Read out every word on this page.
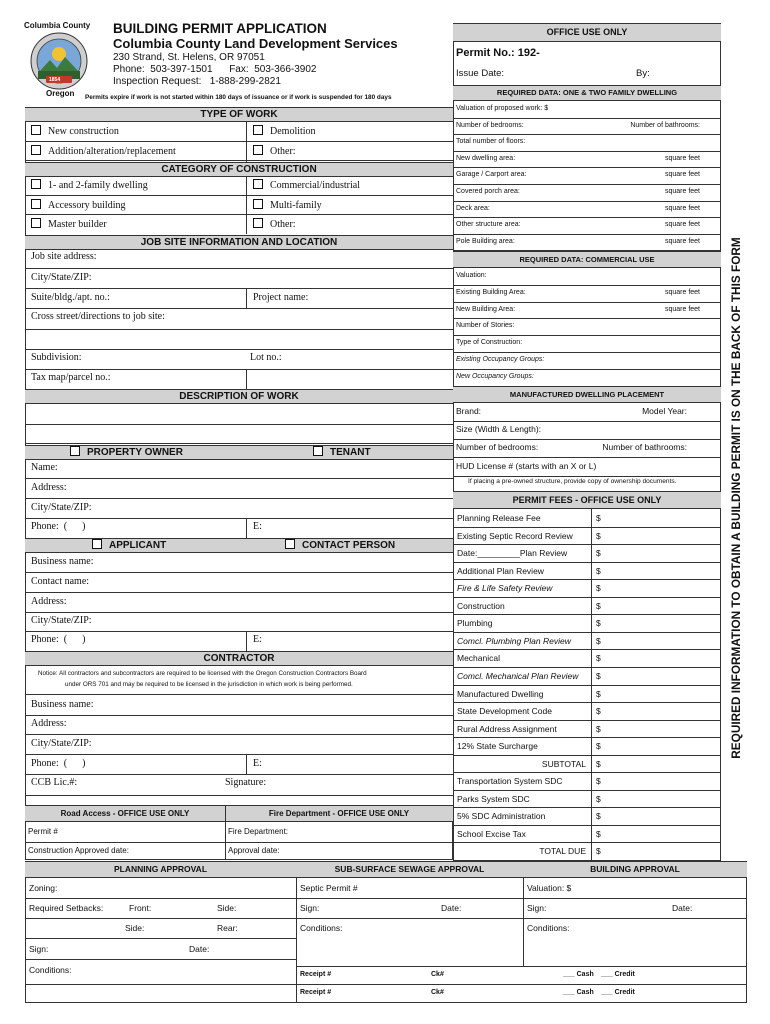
Columbia County
1854
Oregon
BUILDING PERMIT APPLICATION
Columbia County Land Development Services
230 Strand, St. Helens, OR 97051
Phone:  503-397-1501      Fax:  503-366-3902
Inspection Request:   1-888-299-2821
Permits expire if work is not started within 180 days of issuance or if work is suspended for 180 days
TYPE OF WORK
New construction	Demolition
Addition/alteration/replacement	Other:
CATEGORY OF CONSTRUCTION
1- and 2-family dwelling	Commercial/industrial
Accessory building	Multi-family
Master builder	Other:
JOB SITE INFORMATION AND LOCATION
Job site address:
City/State/ZIP:
Suite/bldg./apt. no.:	Project name:
Cross street/directions to job site:
Subdivision:	Lot no.:
Tax map/parcel no.:
DESCRIPTION OF WORK
PROPERTY OWNER	TENANT
Name:
Address:
City/State/ZIP:
Phone:  (      )	E:
APPLICANT	CONTACT PERSON
Business name:
Contact name:
Address:
City/State/ZIP:
Phone:  (      )	E:
CONTRACTOR
Notice: All contractors and subcontractors are required to be licensed with the Oregon Construction Contractors Board
under ORS 701 and may be required to be licensed in the jurisdiction in which work is being performed.
Business name:
Address:
City/State/ZIP:
Phone:  (      )	E:
CCB Lic.#:	Signature:
Road Access - OFFICE USE ONLY	Fire Department - OFFICE USE ONLY
Permit #	Fire Department:
Construction Approved date:	Approval date:
OFFICE USE ONLY
Permit No.: 192-
Issue Date:	By:
REQUIRED DATA: ONE & TWO FAMILY DWELLING
Valuation of proposed work: $
Number of bedrooms:	Number of bathrooms:
Total number of floors:
New dwelling area:	square feet
Garage / Carport area:	square feet
Covered porch area:	square feet
Deck area:	square feet
Other structure area:	square feet
Pole Building area:	square feet
REQUIRED DATA: COMMERCIAL USE
Valuation:
Existing Building Area:	square feet
New Building Area:	square feet
Number of Stories:
Type of Construction:
Existing Occupancy Groups:
New Occupancy Groups:
MANUFACTURED DWELLING PLACEMENT
Brand:	Model Year:
Size (Width & Length):
Number of bedrooms:	Number of bathrooms:
HUD License # (starts with an X or L)
If placing a pre-owned structure, provide copy of ownership documents.
PERMIT FEES - OFFICE USE ONLY
Planning Release Fee	$
Existing Septic Record Review	$
Date:_________Plan Review	$
Additional Plan Review	$
Fire & Life Safety Review	$
Construction	$
Plumbing	$
Comcl. Plumbing Plan Review	$
Mechanical	$
Comcl. Mechanical Plan Review $
Manufactured Dwelling	$
State Development Code	$
Rural Address Assignment	$
12% State Surcharge	$
SUBTOTAL $
Transportation System SDC	$
Parks System SDC	$
5% SDC Administration	$
School Excise Tax	$
TOTAL DUE $
REQUIRED INFORMATION TO OBTAIN A BUILDING PERMIT IS ON THE BACK OF THIS FORM
PLANNING APPROVAL
Zoning:
Required Setbacks:	Front:	Side:
Side:	Rear:
Sign:	Date:
Conditions:
SUB-SURFACE SEWAGE APPROVAL
Septic Permit #
Sign:	Date:
Conditions:
Receipt #	Ck#	___ Cash ___ Credit
Receipt #	Ck#	___ Cash ___ Credit
BUILDING APPROVAL
Valuation: $
Sign:	Date:
Conditions:
